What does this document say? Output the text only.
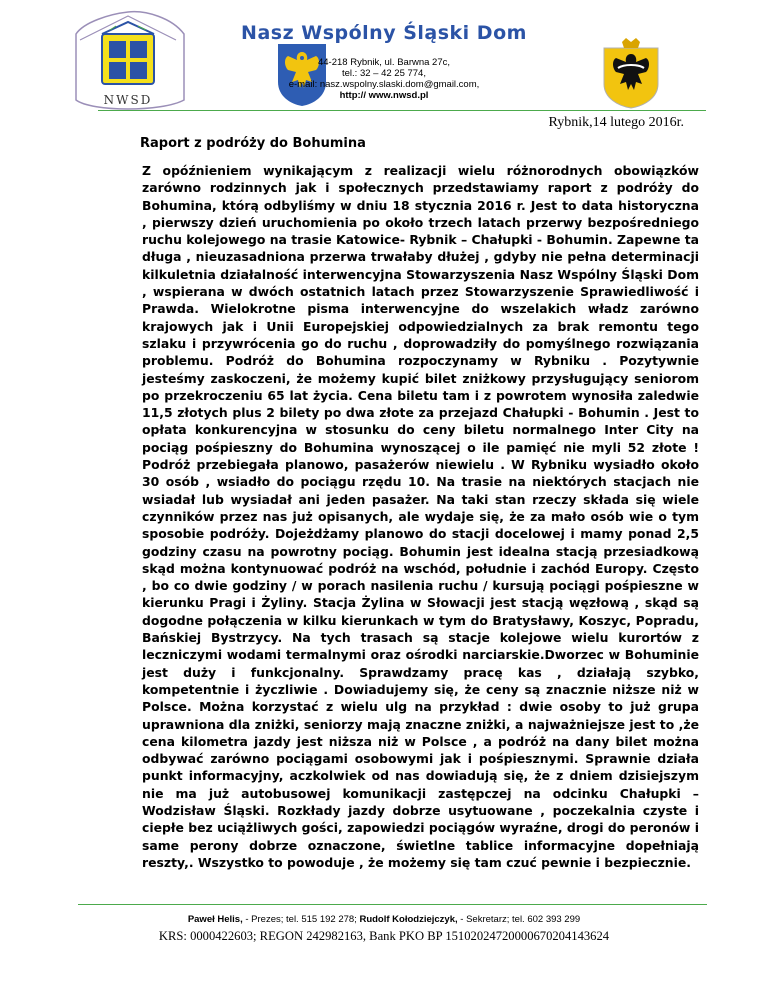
NWSD
Nasz Wspólny Śląski Dom
44-218 Rybnik, ul. Barwna 27c,
tel.: 32 – 42 25 774,
e-mail: nasz.wspolny.slaski.dom@gmail.com,
http:// www.nwsd.pl
Rybnik,14 lutego 2016r.
Raport z podróży do Bohumina

Z opóźnieniem wynikającym z realizacji wielu różnorodnych obowiązków zarówno rodzinnych jak i społecznych przedstawiamy raport z podróży do Bohumina, którą odbyliśmy w dniu 18 stycznia 2016 r. Jest to data historyczna , pierwszy dzień uruchomienia po około trzech latach przerwy bezpośredniego ruchu kolejowego na trasie Katowice- Rybnik – Chałupki - Bohumin. Zapewne ta długa , nieuzasadniona przerwa trwałaby dłużej , gdyby nie pełna determinacji kilkuletnia działalność interwencyjna Stowarzyszenia Nasz Wspólny Śląski Dom , wspierana w dwóch ostatnich latach przez Stowarzyszenie Sprawiedliwość i Prawda. Wielokrotne pisma interwencyjne do wszelakich władz zarówno krajowych jak i Unii Europejskiej odpowiedzialnych za brak remontu tego szlaku i przywrócenia go do ruchu , doprowadziły do pomyślnego rozwiązania problemu. Podróż do Bohumina rozpoczynamy w Rybniku . Pozytywnie jesteśmy zaskoczeni, że możemy kupić bilet zniżkowy przysługujący seniorom po przekroczeniu 65 lat życia. Cena biletu tam i z powrotem wynosiła zaledwie 11,5 złotych plus 2 bilety po dwa złote za przejazd Chałupki - Bohumin . Jest to opłata konkurencyjna w stosunku do ceny biletu normalnego Inter City na pociąg pośpieszny do Bohumina wynoszącej o ile pamięć nie myli 52 złote ! Podróż przebiegała planowo, pasażerów niewielu . W Rybniku wysiadło około 30 osób , wsiadło do pociągu rzędu 10. Na trasie na niektórych stacjach nie wsiadał lub wysiadał ani jeden pasażer. Na taki stan rzeczy składa się wiele czynników przez nas już opisanych, ale wydaje się, że za mało osób wie o tym sposobie podróży. Dojeżdżamy planowo do stacji docelowej i mamy ponad 2,5 godziny czasu na powrotny pociąg. Bohumin jest idealna stacją przesiadkową skąd można kontynuować podróż na wschód, południe i zachód Europy. Często , bo co dwie godziny / w porach nasilenia ruchu / kursują pociągi pośpieszne w kierunku Pragi i Żyliny. Stacja Żylina w Słowacji jest stacją węzłową , skąd są dogodne połączenia w kilku kierunkach w tym do Bratysławy, Koszyc, Popradu, Bańskiej Bystrzycy. Na tych trasach są stacje kolejowe wielu kurortów z leczniczymi wodami termalnymi oraz ośrodki narciarskie.Dworzec w Bohuminie jest duży i funkcjonalny. Sprawdzamy pracę kas , działają szybko, kompetentnie i życzliwie . Dowiadujemy się, że ceny są znacznie niższe niż w Polsce. Można korzystać z wielu ulg na przykład : dwie osoby to już grupa uprawniona dla zniżki, seniorzy mają znaczne zniżki, a najważniejsze jest to ,że cena kilometra jazdy jest niższa niż w Polsce , a podróż na dany bilet można odbywać zarówno pociągami osobowymi jak i pośpiesznymi. Sprawnie działa punkt informacyjny, aczkolwiek od nas dowiadują się, że z dniem dzisiejszym nie ma już autobusowej komunikacji zastępczej na odcinku Chałupki – Wodzisław Śląski. Rozkłady jazdy dobrze usytuowane , poczekalnia czyste i ciepłe bez uciążliwych gości, zapowiedzi pociągów wyraźne, drogi do peronów i same perony dobrze oznaczone, świetlne tablice informacyjne dopełniają reszty,. Wszystko to powoduje , że możemy się tam czuć pewnie i bezpiecznie.

Paweł Helis, - Prezes; tel. 515 192 278; Rudolf Kołodziejczyk, - Sekretarz; tel. 602 393 299
KRS: 0000422603; REGON 242982163, Bank PKO BP 15102024720000670204143624
